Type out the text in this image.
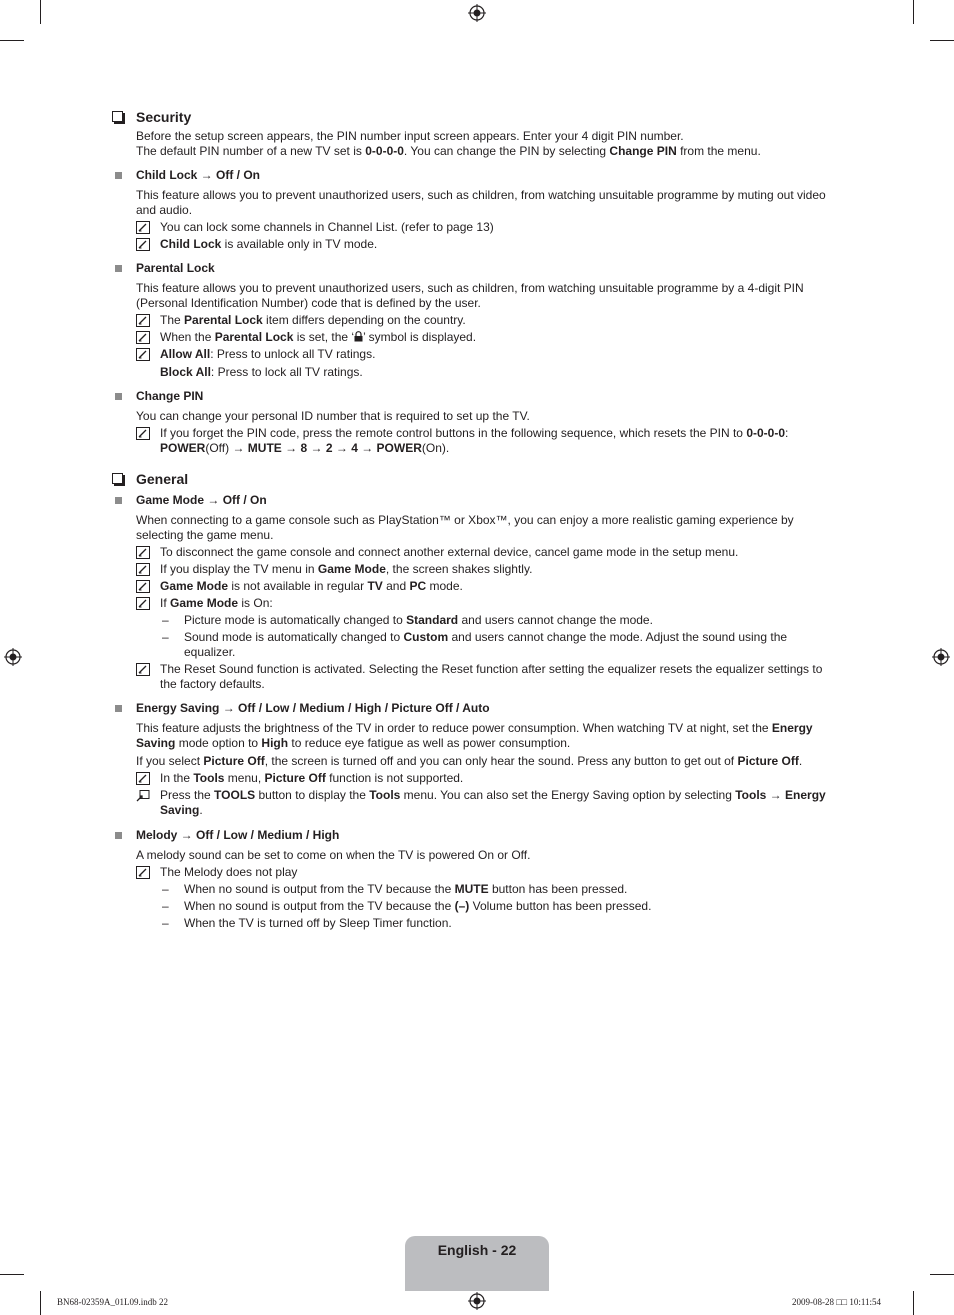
Security

Before the setup screen appears, the PIN number input screen appears. Enter your 4 digit PIN number.

The default PIN number of a new TV set is 0-0-0-0. You can change the PIN by selecting Change PIN from the menu.

Child Lock → Off / On

This feature allows you to prevent unauthorized users, such as children, from watching unsuitable programme by muting out video and audio.

You can lock some channels in Channel List. (refer to page 13)
Child Lock is available only in TV mode.
Parental Lock

This feature allows you to prevent unauthorized users, such as children, from watching unsuitable programme by a 4-digit PIN (Personal Identification Number) code that is defined by the user.

The Parental Lock item differs depending on the country.
When the Parental Lock is set, the ‘ ’ symbol is displayed.
Allow All: Press to unlock all TV ratings.
Block All: Press to lock all TV ratings.
Change PIN

You can change your personal ID number that is required to set up the TV.

If you forget the PIN code, press the remote control buttons in the following sequence, which resets the PIN to 0-0-0-0:
POWER(Off) → MUTE → 8 → 2 → 4 → POWER(On).
General
Game Mode → Off / On

When connecting to a game console such as PlayStation™ or Xbox™, you can enjoy a more realistic gaming experience by selecting the game menu.

To disconnect the game console and connect another external device, cancel game mode in the setup menu.
If you display the TV menu in Game Mode, the screen shakes slightly.
Game Mode is not available in regular TV and PC mode.
If Game Mode is On:
– Picture mode is automatically changed to Standard and users cannot change the mode.
– Sound mode is automatically changed to Custom and users cannot change the mode. Adjust the sound using the equalizer.
The Reset Sound function is activated. Selecting the Reset function after setting the equalizer resets the equalizer settings to the factory defaults.
Energy Saving → Off / Low / Medium / High / Picture Off / Auto

This feature adjusts the brightness of the TV in order to reduce power consumption. When watching TV at night, set the Energy Saving mode option to High to reduce eye fatigue as well as power consumption.

If you select Picture Off, the screen is turned off and you can only hear the sound. Press any button to get out of Picture Off.

In the Tools menu, Picture Off function is not supported.
Press the TOOLS button to display the Tools menu. You can also set the Energy Saving option by selecting Tools → Energy Saving.
Melody → Off / Low / Medium / High

A melody sound can be set to come on when the TV is powered On or Off.

The Melody does not play
– When no sound is output from the TV because the MUTE button has been pressed.
– When no sound is output from the TV because the (–) Volume button has been pressed.
– When the TV is turned off by Sleep Timer function.
English - 22
BN68-02359A_01L09.indb 22	2009-08-28 □□ 10:11:54
